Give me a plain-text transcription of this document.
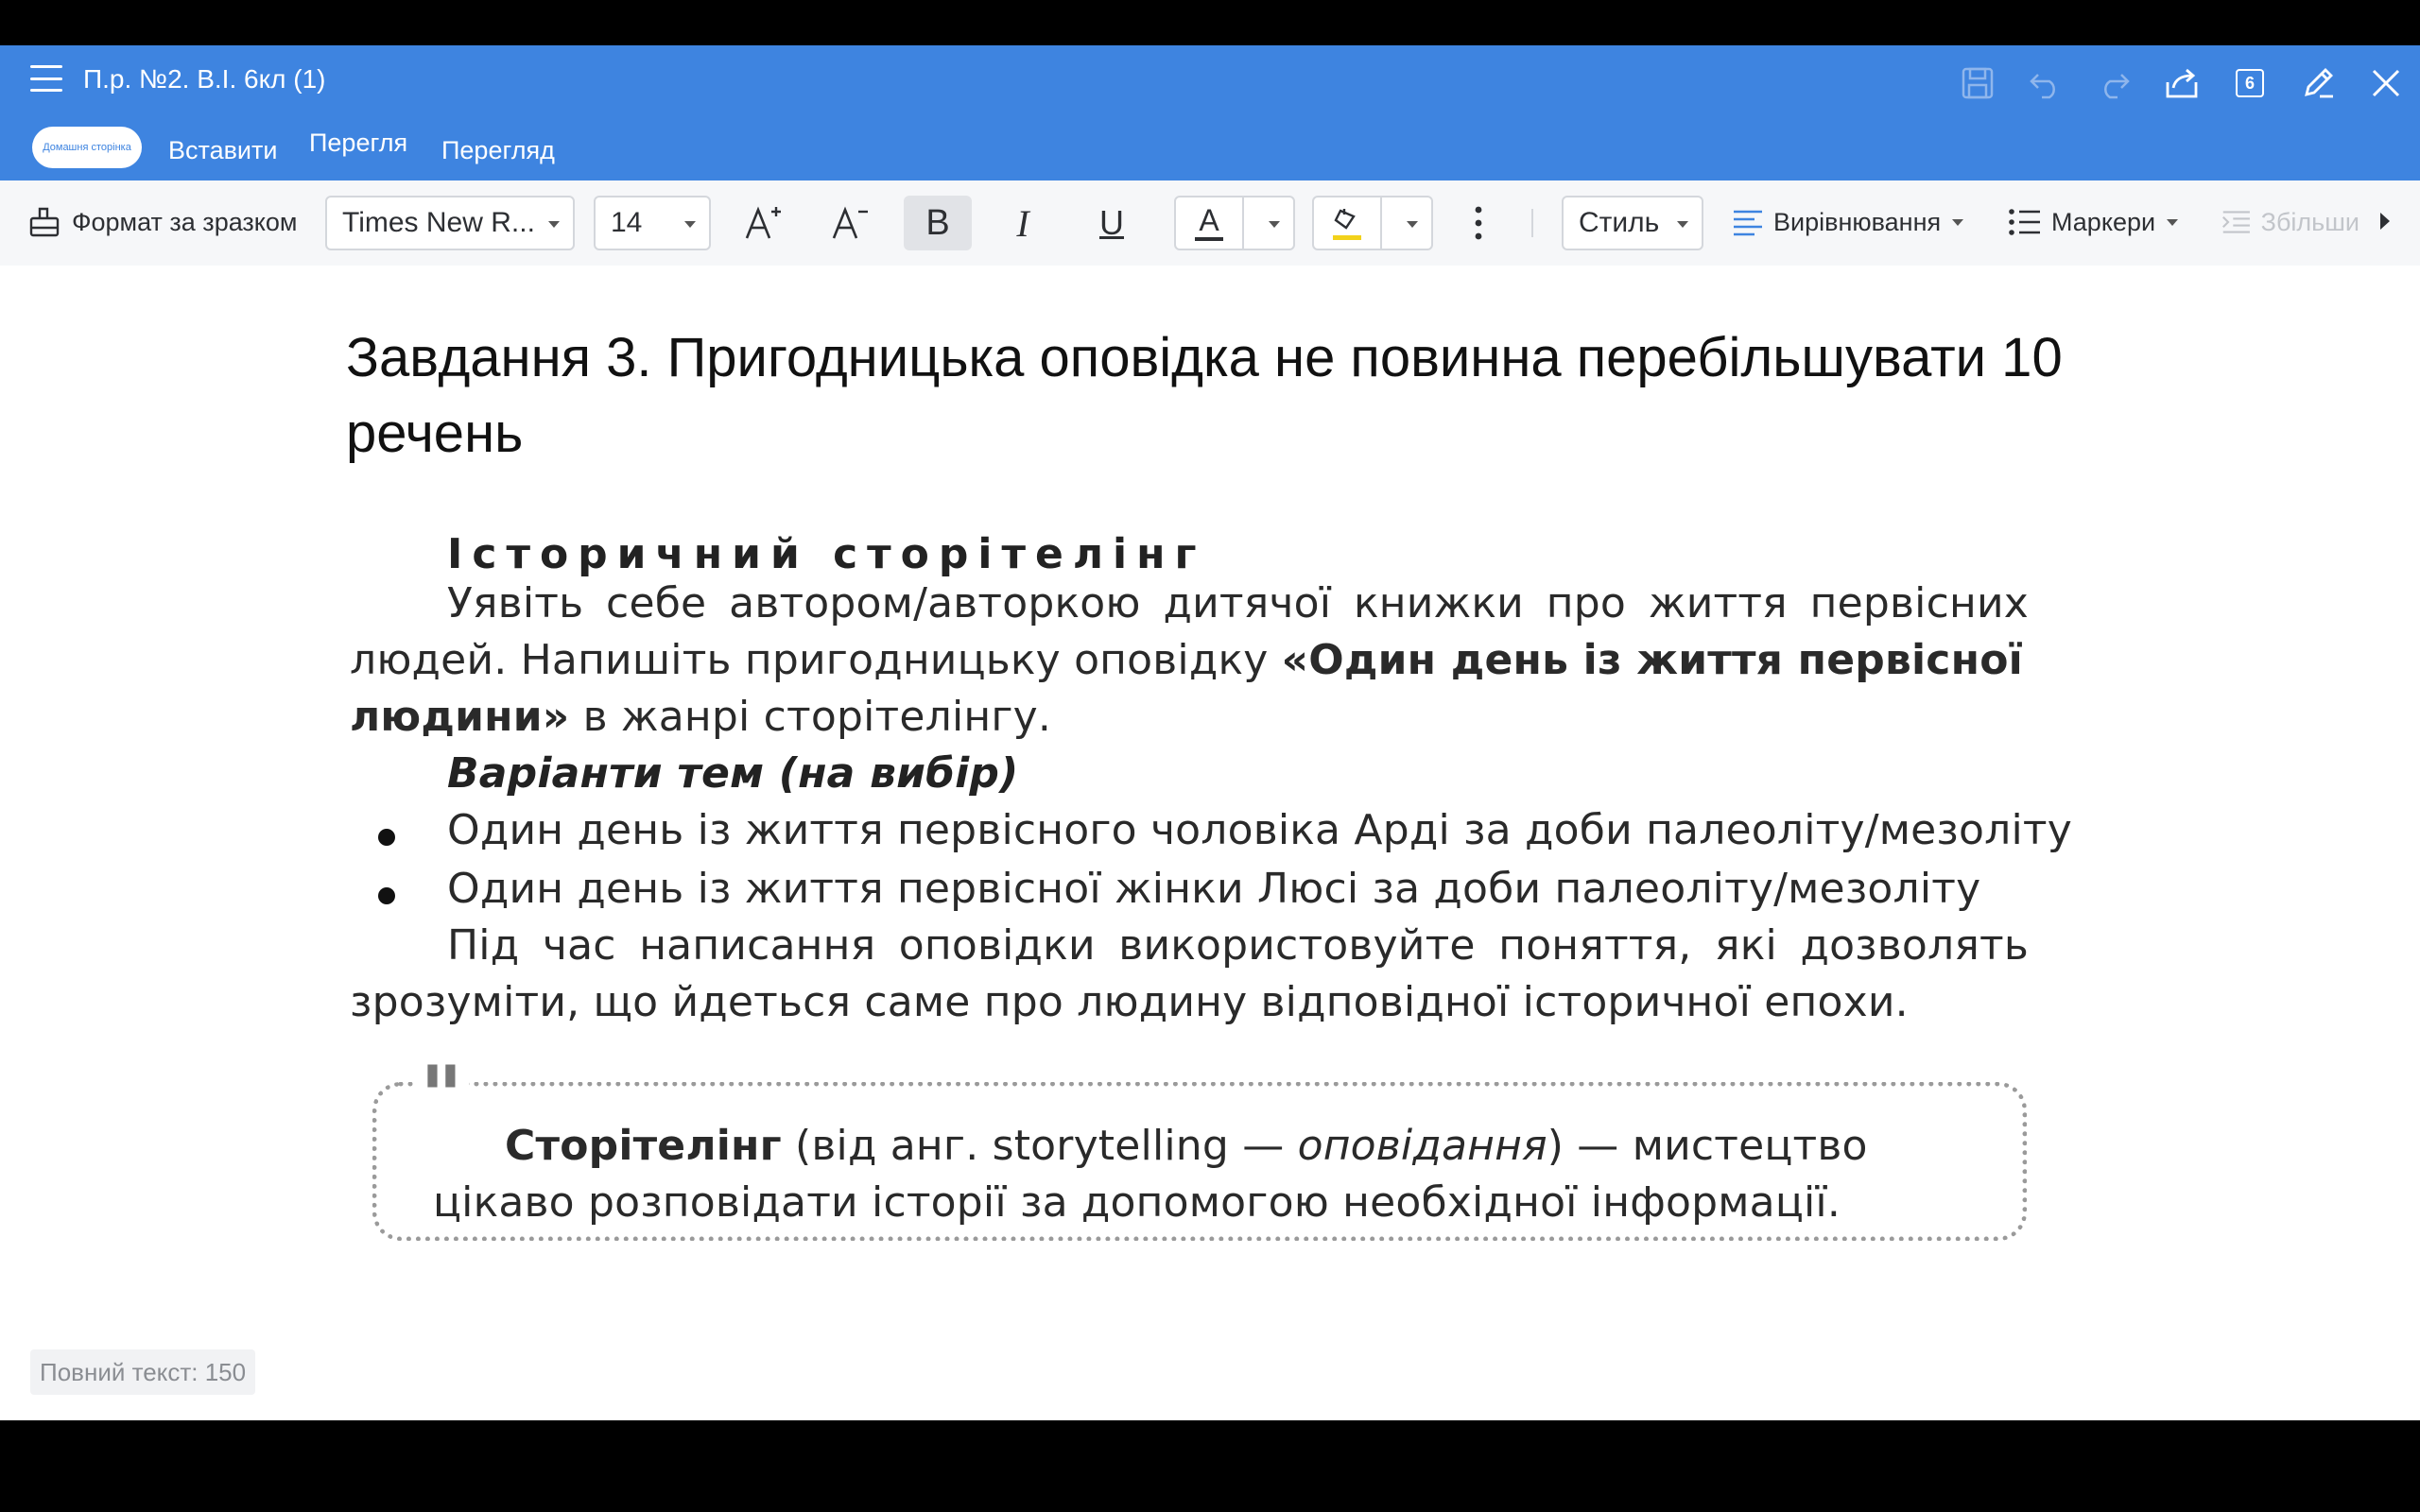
П.р. №2. В.І. 6кл (1)	6
Домашня сторінка	Вставити Перегля Перегляд
Формат за зразком Times New R...	14	B I U A	Стиль	Вирівнювання	Маркери	Збільши
Завдання 3. Пригодницька оповідка не повинна перебільшувати 10
речень
Історичний сторітелінг
Уявіть себе автором/авторкою дитячої книжки про життя первісних
людей. Напишіть пригодницьку оповідку «Один день із життя первісної
людини» в жанрі сторітелінгу.
Варіанти тем (на вибір)
Один день із життя первісного чоловіка Арді за доби палеоліту/мезоліту
Один день із життя первісної жінки Люсі за доби палеоліту/мезоліту
Під час написання оповідки використовуйте поняття, які дозволять
зрозуміти, що йдеться саме про людину відповідної історичної епохи.
"
Сторітелінг (від анг. storytelling — оповідання) — мистецтво
цікаво розповідати історії за допомогою необхідної інформації.
Повний текст: 150
